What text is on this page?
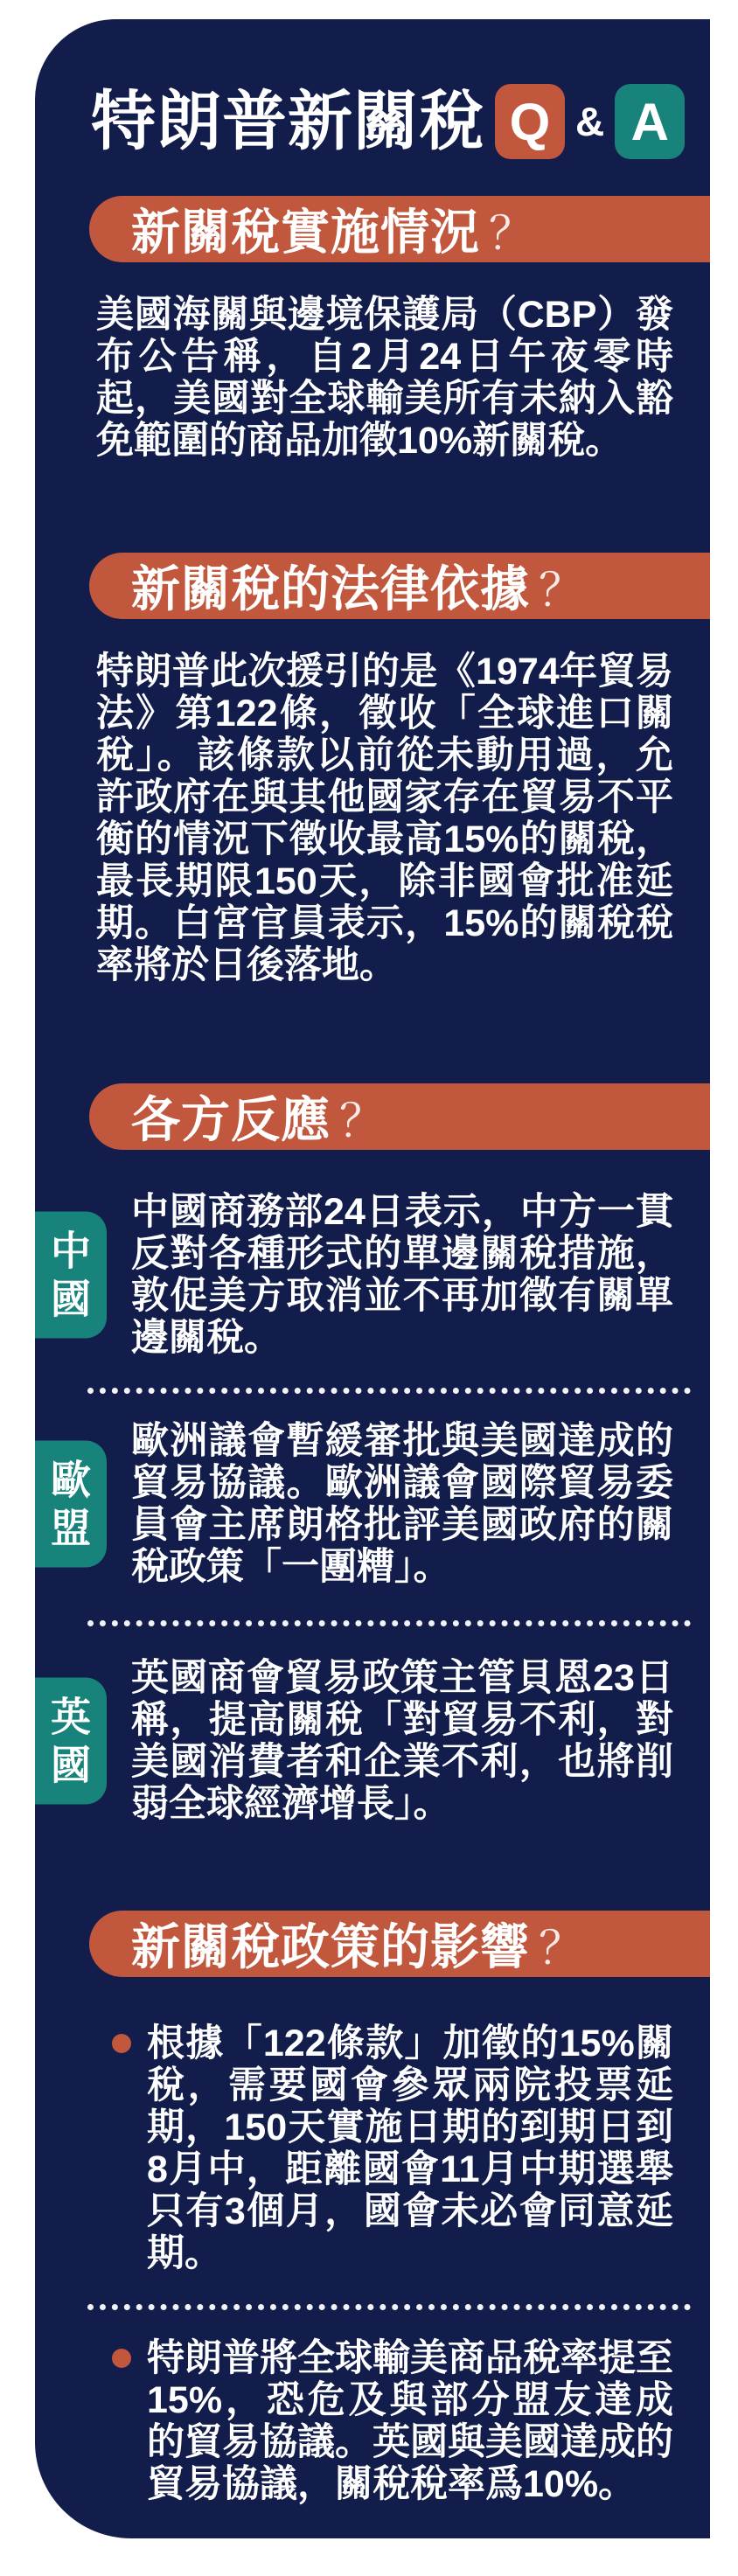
特朗普新關稅 Q & A
新關稅實施情況 ？
美國海關與邊境保護局（CBP）發布公告稱，自2月24日午夜零時起，美國對全球輸美所有未納入豁免範圍的商品加徵10%新關稅。
新關稅的法律依據 ？
特朗普此次援引的是《1974年貿易法》第122條，徵收「全球進口關稅」。該條款以前從未動用過，允許政府在與其他國家存在貿易不平衡的情況下徵收最高15%的關稅，最長期限150天，除非國會批准延期。白宮官員表示，15%的關稅稅率將於日後落地。
各方反應 ？
中國
中國商務部24日表示，中方一貫反對各種形式的單邊關稅措施，敦促美方取消並不再加徵有關單邊關稅。
歐盟
歐洲議會暫緩審批與美國達成的貿易協議。歐洲議會國際貿易委員會主席朗格批評美國政府的關稅政策「一團糟」。
英國
英國商會貿易政策主管貝恩23日稱，提高關稅「對貿易不利，對美國消費者和企業不利，也將削弱全球經濟增長」。
新關稅政策的影響 ？
根據「122條款」加徵的15%關稅，需要國會參眾兩院投票延期，150天實施日期的到期日到8月中，距離國會11月中期選舉只有3個月，國會未必會同意延期。
特朗普將全球輸美商品稅率提至15%，恐危及與部分盟友達成的貿易協議。英國與美國達成的貿易協議，關稅稅率爲10%。
